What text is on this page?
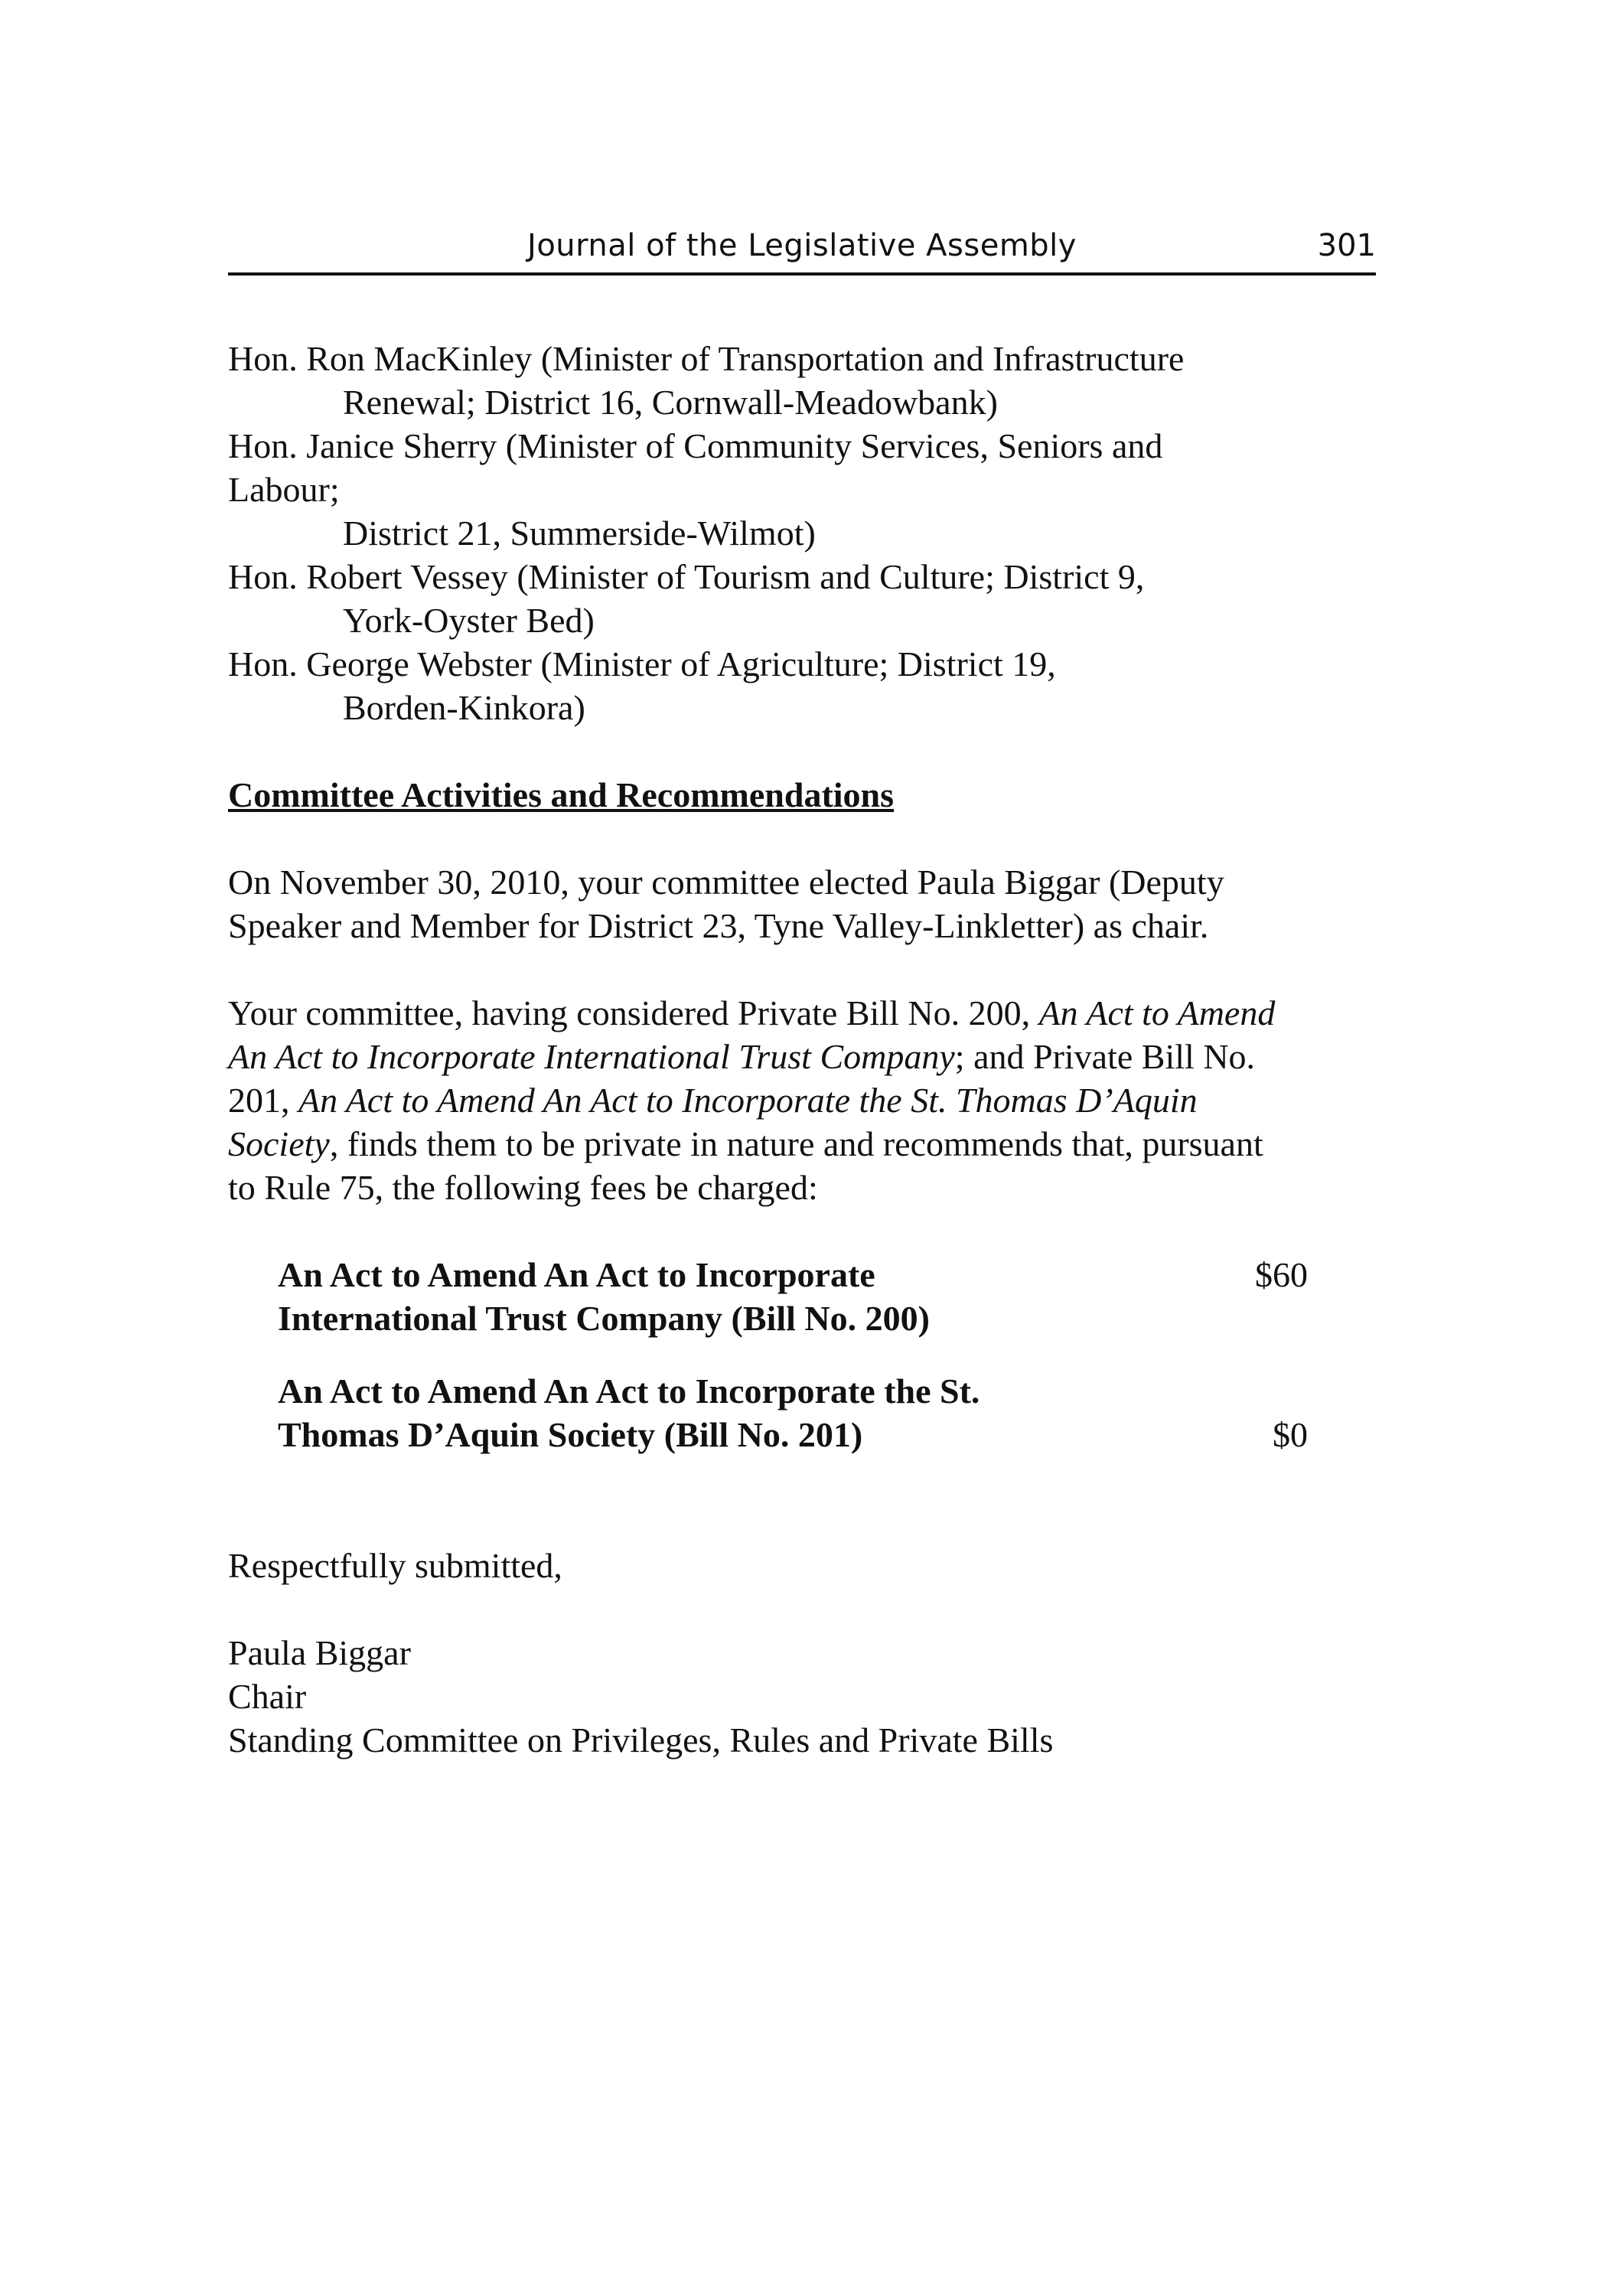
Journal of the Legislative Assembly	301
Hon. Ron MacKinley (Minister of Transportation and Infrastructure
Renewal; District 16, Cornwall-Meadowbank)
Hon. Janice Sherry (Minister of Community Services, Seniors and
Labour;
District 21, Summerside-Wilmot)
Hon. Robert Vessey (Minister of Tourism and Culture; District 9,
York-Oyster Bed)
Hon. George Webster (Minister of Agriculture; District 19,
Borden-Kinkora)
Committee Activities and Recommendations
On November 30, 2010, your committee elected Paula Biggar (Deputy
Speaker and Member for District 23, Tyne Valley-Linkletter) as chair.
Your committee, having considered Private Bill No. 200, An Act to Amend
An Act to Incorporate International Trust Company; and Private Bill No.
201, An Act to Amend An Act to Incorporate the St. Thomas D’Aquin
Society, finds them to be private in nature and recommends that, pursuant
to Rule 75, the following fees be charged:
An Act to Amend An Act to Incorporate
International Trust Company (Bill No. 200)
$60
An Act to Amend An Act to Incorporate the St.
Thomas D’Aquin Society (Bill No. 201)	$0
Respectfully submitted,
Paula Biggar
Chair
Standing Committee on Privileges, Rules and Private Bills
